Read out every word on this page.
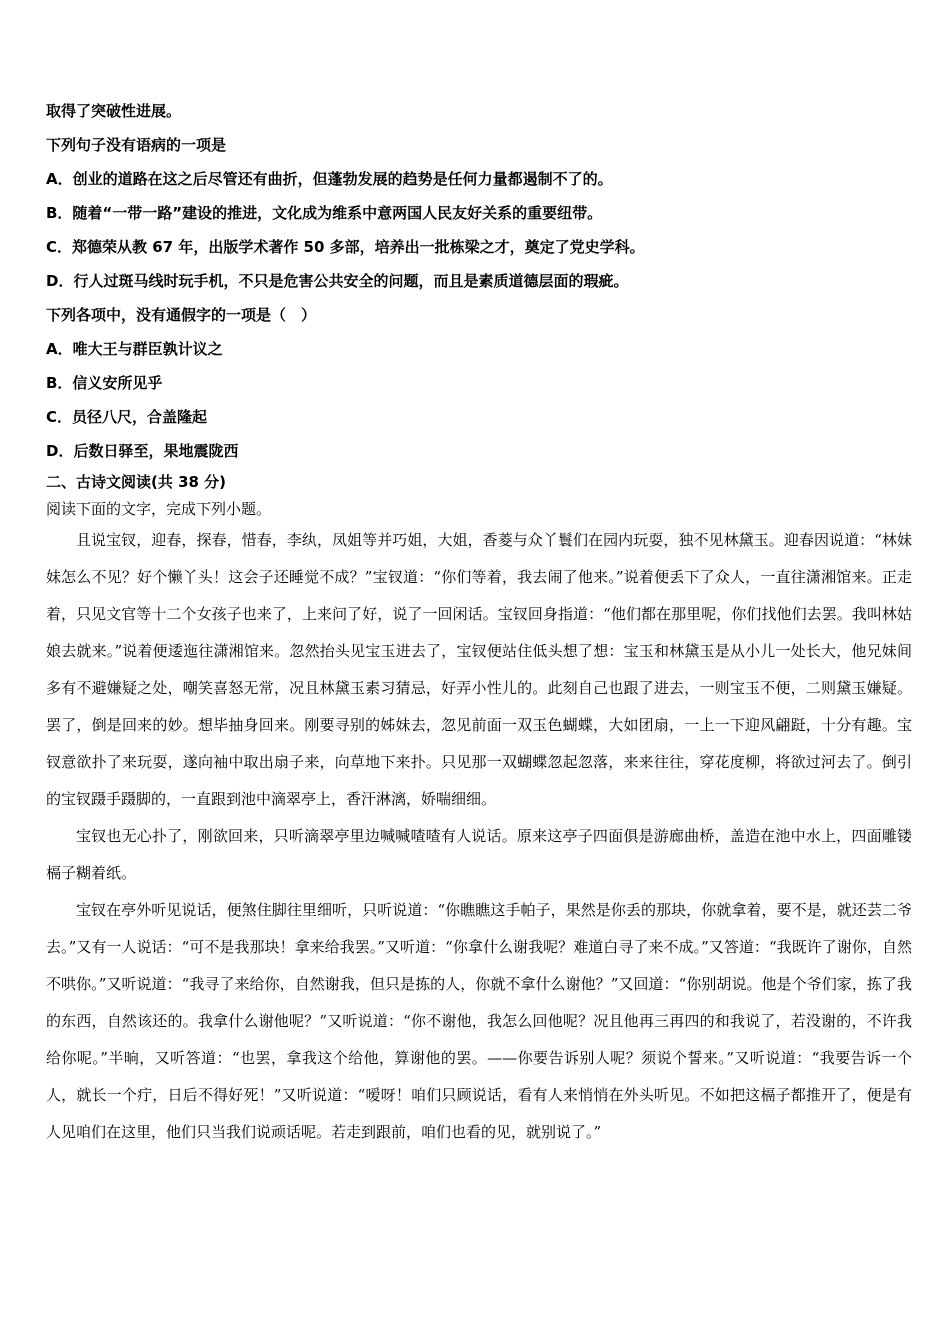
取得了突破性进展。
下列句子没有语病的一项是
A．创业的道路在这之后尽管还有曲折，但蓬勃发展的趋势是任何力量都遏制不了的。
B．随着“一带一路”建设的推进，文化成为维系中意两国人民友好关系的重要纽带。
C．郑德荣从教 67 年，出版学术著作 50 多部，培养出一批栋梁之才，奠定了党史学科。
D．行人过斑马线时玩手机，不只是危害公共安全的问题，而且是素质道德层面的瑕疵。
下列各项中，没有通假字的一项是（　）
A．唯大王与群臣孰计议之
B．信义安所见乎
C．员径八尺，合盖隆起
D．后数日驿至，果地震陇西
二、古诗文阅读(共 38 分)
阅读下面的文字，完成下列小题。

且说宝钗，迎春，探春，惜春，李纨，凤姐等并巧姐，大姐，香菱与众丫鬟们在园内玩耍，独不见林黛玉。迎春因说道：“林妹妹怎么不见？好个懒丫头！这会子还睡觉不成？”宝钗道：“你们等着，我去闹了他来。”说着便丢下了众人，一直往潇湘馆来。正走着，只见文官等十二个女孩子也来了，上来问了好，说了一回闲话。宝钗回身指道：“他们都在那里呢，你们找他们去罢。我叫林姑娘去就来。”说着便逶迤往潇湘馆来。忽然抬头见宝玉进去了，宝钗便站住低头想了想：宝玉和林黛玉是从小儿一处长大，他兄妹间多有不避嫌疑之处，嘲笑喜怒无常，况且林黛玉素习猜忌，好弄小性儿的。此刻自己也跟了进去，一则宝玉不便，二则黛玉嫌疑。罢了，倒是回来的妙。想毕抽身回来。刚要寻别的姊妹去，忽见前面一双玉色蝴蝶，大如团扇，一上一下迎风翩跹，十分有趣。宝钗意欲扑了来玩耍，遂向袖中取出扇子来，向草地下来扑。只见那一双蝴蝶忽起忽落，来来往往，穿花度柳，将欲过河去了。倒引的宝钗蹑手蹑脚的，一直跟到池中滴翠亭上，香汗淋漓，娇喘细细。

宝钗也无心扑了，刚欲回来，只听滴翠亭里边喊喊喳喳有人说话。原来这亭子四面俱是游廊曲桥，盖造在池中水上，四面雕镂槅子糊着纸。

宝钗在亭外听见说话，便煞住脚往里细听，只听说道：“你瞧瞧这手帕子，果然是你丢的那块，你就拿着，要不是，就还芸二爷去。”又有一人说话：“可不是我那块！拿来给我罢。”又听道：“你拿什么谢我呢？难道白寻了来不成。”又答道：“我既许了谢你，自然不哄你。”又听说道：“我寻了来给你，自然谢我，但只是拣的人，你就不拿什么谢他？”又回道：“你别胡说。他是个爷们家，拣了我的东西，自然该还的。我拿什么谢他呢？”又听说道：“你不谢他，我怎么回他呢？况且他再三再四的和我说了，若没谢的，不许我给你呢。”半晌，又听答道：“也罢，拿我这个给他，算谢他的罢。——你要告诉别人呢？须说个誓来。”又听说道：“我要告诉一个人，就长一个疔，日后不得好死！”又听说道：“嗳呀！咱们只顾说话，看有人来悄悄在外头听见。不如把这槅子都推开了，便是有人见咱们在这里，他们只当我们说顽话呢。若走到跟前，咱们也看的见，就别说了。”
